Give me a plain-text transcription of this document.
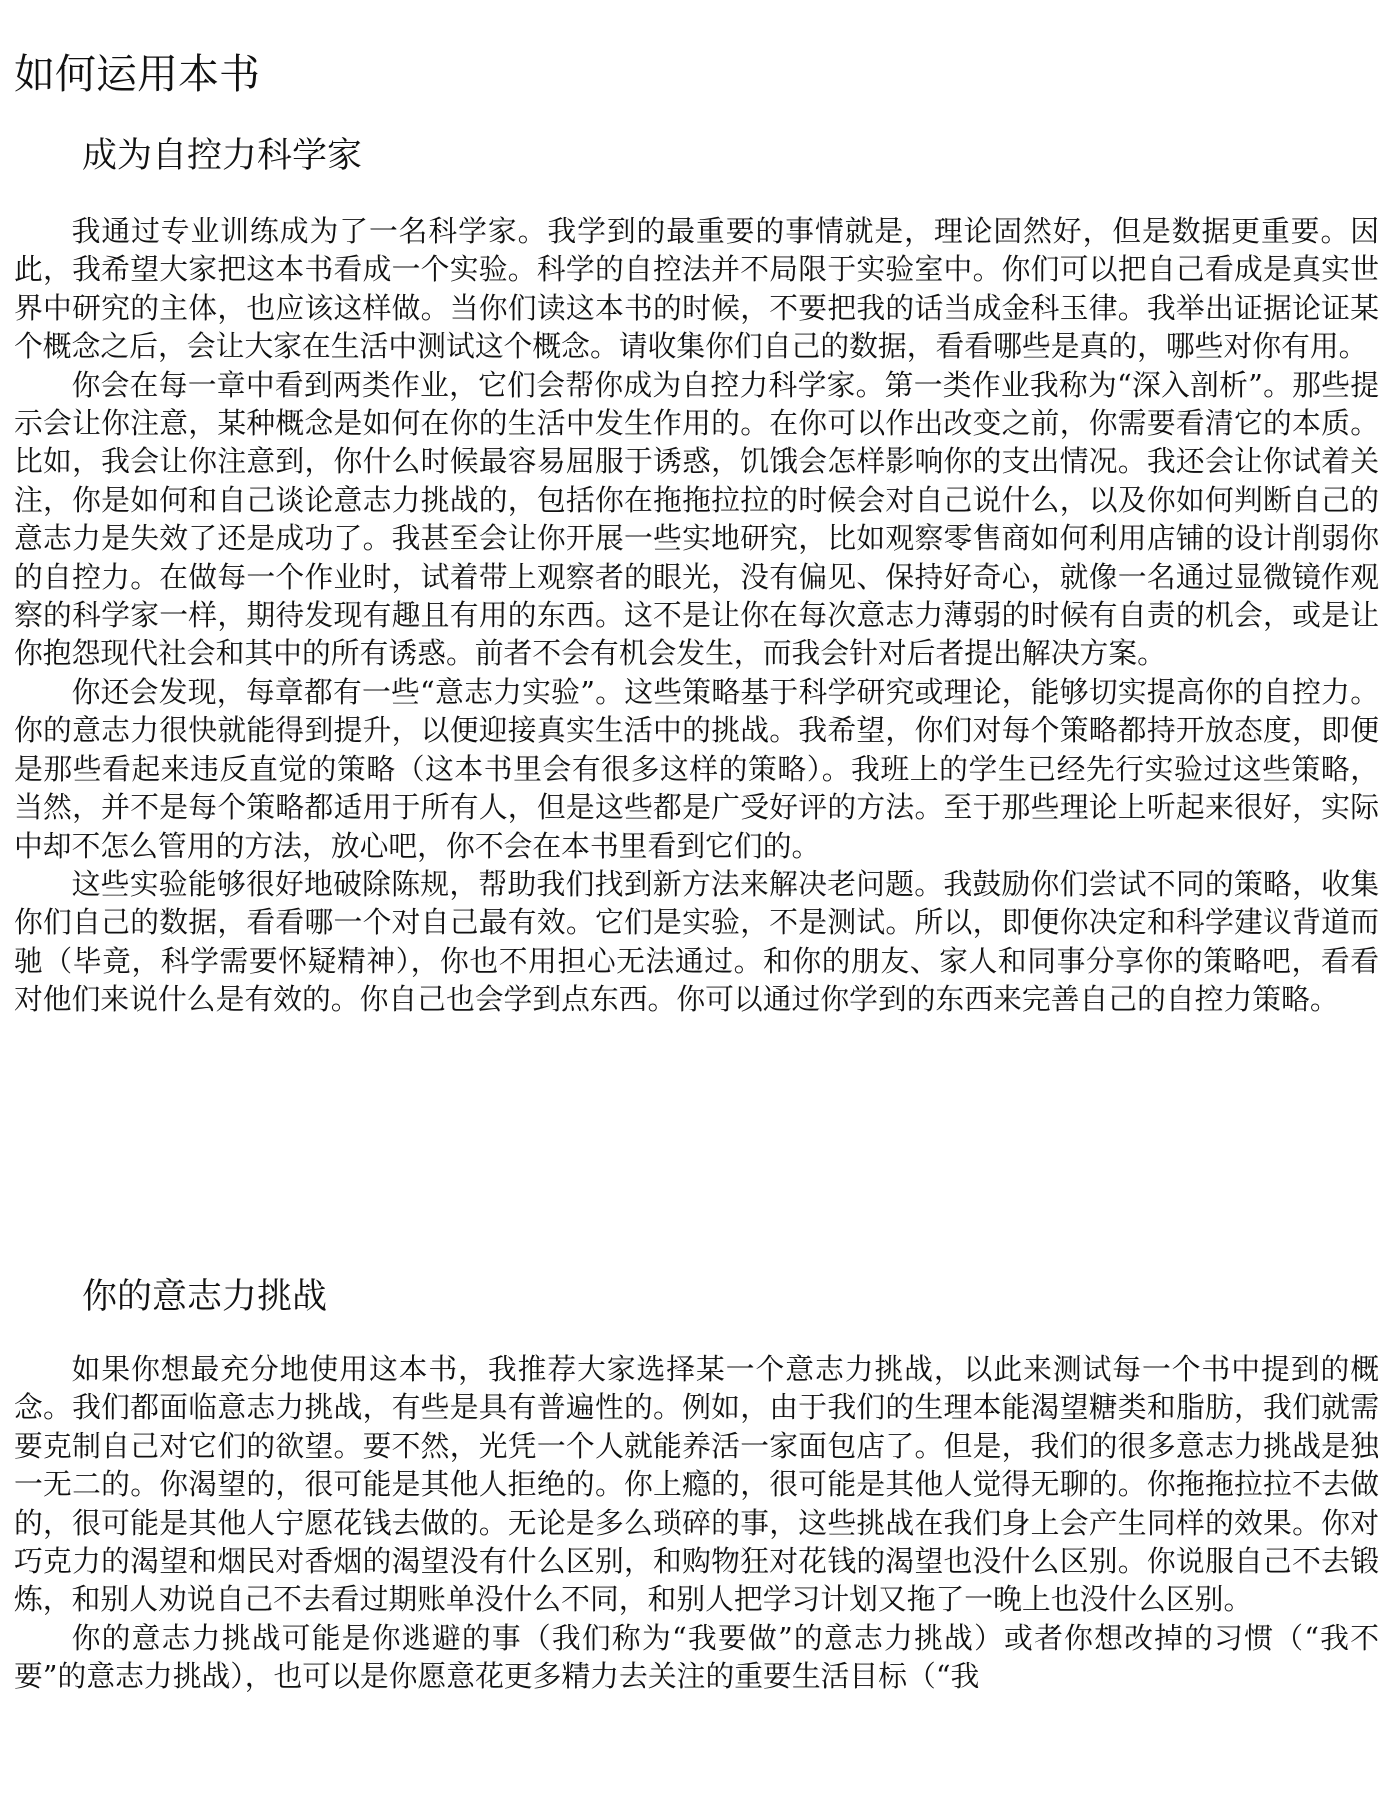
如何运用本书
成为自控力科学家

我通过专业训练成为了一名科学家。我学到的最重要的事情就是，理论固然好，但是数据更重要。因此，我希望大家把这本书看成一个实验。科学的自控法并不局限于实验室中。你们可以把自己看成是真实世界中研究的主体，也应该这样做。当你们读这本书的时候，不要把我的话当成金科玉律。我举出证据论证某个概念之后，会让大家在生活中测试这个概念。请收集你们自己的数据，看看哪些是真的，哪些对你有用。

你会在每一章中看到两类作业，它们会帮你成为自控力科学家。第一类作业我称为“深入剖析”。那些提示会让你注意，某种概念是如何在你的生活中发生作用的。在你可以作出改变之前，你需要看清它的本质。比如，我会让你注意到，你什么时候最容易屈服于诱惑，饥饿会怎样影响你的支出情况。我还会让你试着关注，你是如何和自己谈论意志力挑战的，包括你在拖拖拉拉的时候会对自己说什么，以及你如何判断自己的意志力是失效了还是成功了。我甚至会让你开展一些实地研究，比如观察零售商如何利用店铺的设计削弱你的自控力。在做每一个作业时，试着带上观察者的眼光，没有偏见、保持好奇心，就像一名通过显微镜作观察的科学家一样，期待发现有趣且有用的东西。这不是让你在每次意志力薄弱的时候有自责的机会，或是让你抱怨现代社会和其中的所有诱惑。前者不会有机会发生，而我会针对后者提出解决方案。

你还会发现，每章都有一些“意志力实验”。这些策略基于科学研究或理论，能够切实提高你的自控力。你的意志力很快就能得到提升，以便迎接真实生活中的挑战。我希望，你们对每个策略都持开放态度，即便是那些看起来违反直觉的策略（这本书里会有很多这样的策略）。我班上的学生已经先行实验过这些策略，当然，并不是每个策略都适用于所有人，但是这些都是广受好评的方法。至于那些理论上听起来很好，实际中却不怎么管用的方法，放心吧，你不会在本书里看到它们的。

这些实验能够很好地破除陈规，帮助我们找到新方法来解决老问题。我鼓励你们尝试不同的策略，收集你们自己的数据，看看哪一个对自己最有效。它们是实验，不是测试。所以，即便你决定和科学建议背道而驰（毕竟，科学需要怀疑精神），你也不用担心无法通过。和你的朋友、家人和同事分享你的策略吧，看看对他们来说什么是有效的。你自己也会学到点东西。你可以通过你学到的东西来完善自己的自控力策略。

你的意志力挑战

如果你想最充分地使用这本书，我推荐大家选择某一个意志力挑战，以此来测试每一个书中提到的概念。我们都面临意志力挑战，有些是具有普遍性的。例如，由于我们的生理本能渴望糖类和脂肪，我们就需要克制自己对它们的欲望。要不然，光凭一个人就能养活一家面包店了。但是，我们的很多意志力挑战是独一无二的。你渴望的，很可能是其他人拒绝的。你上瘾的，很可能是其他人觉得无聊的。你拖拖拉拉不去做的，很可能是其他人宁愿花钱去做的。无论是多么琐碎的事，这些挑战在我们身上会产生同样的效果。你对巧克力的渴望和烟民对香烟的渴望没有什么区别，和购物狂对花钱的渴望也没什么区别。你说服自己不去锻炼，和别人劝说自己不去看过期账单没什么不同，和别人把学习计划又拖了一晚上也没什么区别。

你的意志力挑战可能是你逃避的事（我们称为“我要做”的意志力挑战）或者你想改掉的习惯（“我不要”的意志力挑战），也可以是你愿意花更多精力去关注的重要生活目标（“我
